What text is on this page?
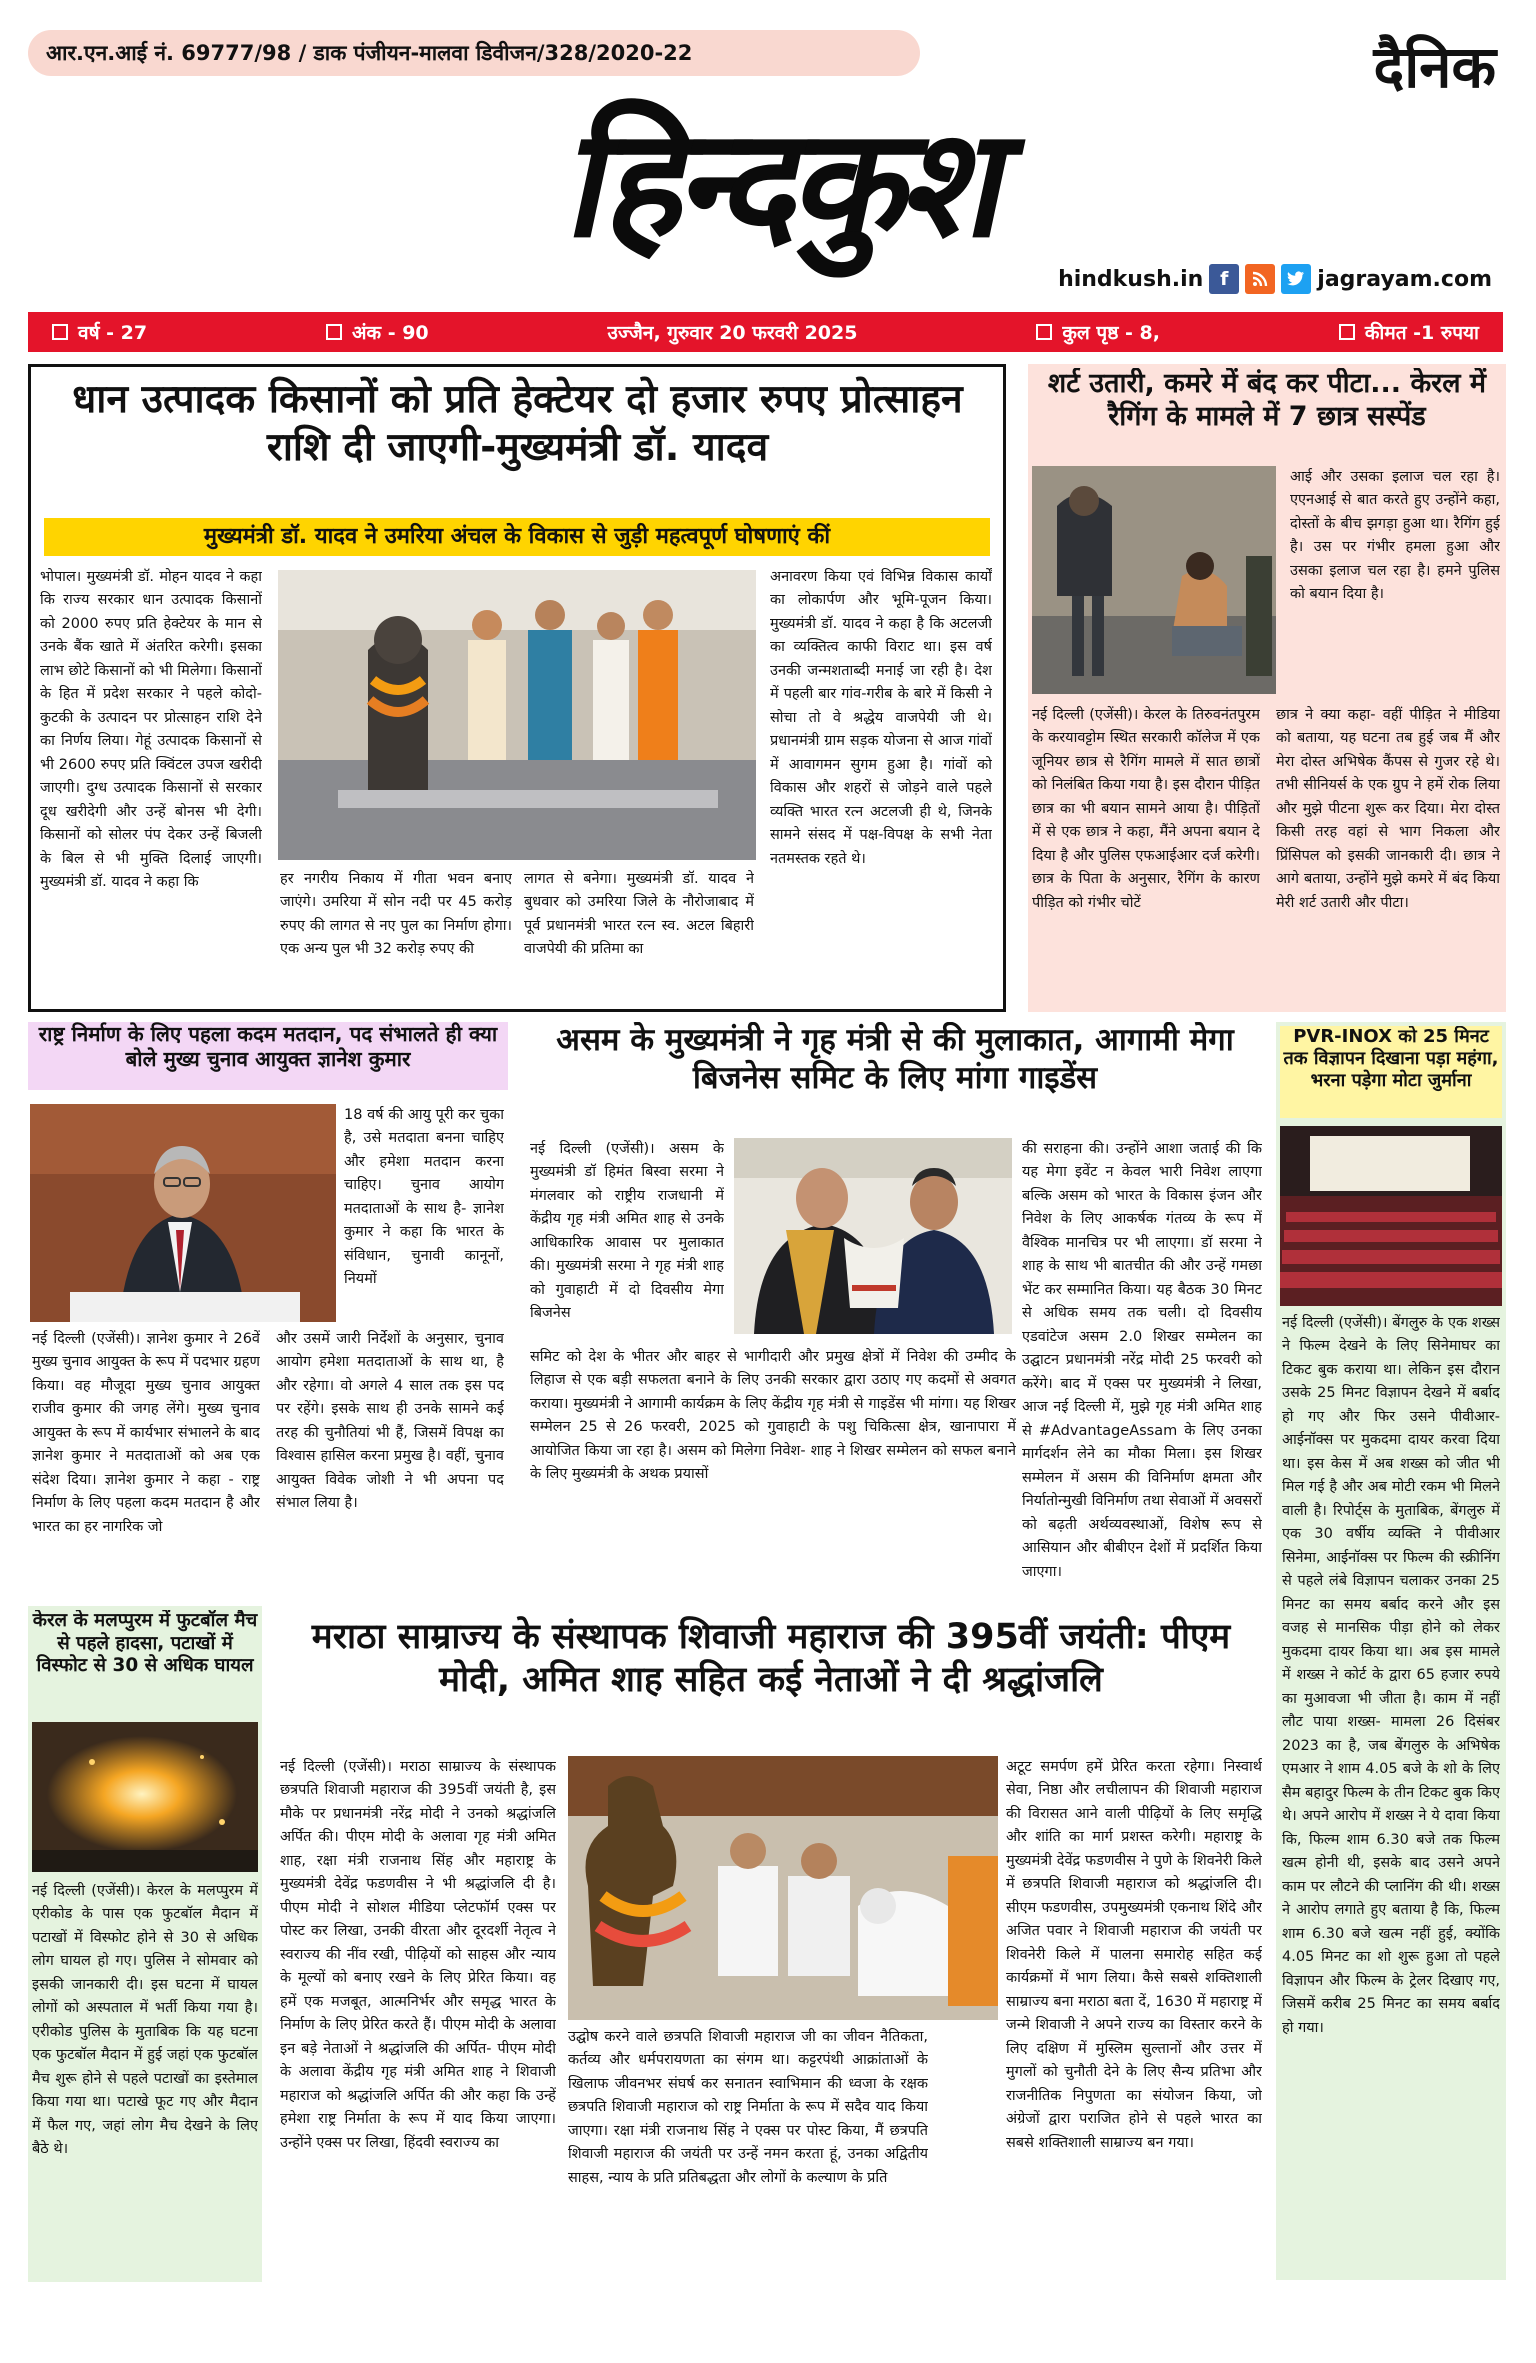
आर.एन.आई नं. 69777/98 / डाक पंजीयन-मालवा डिवीजन/328/2020-22	दैनिक
हिन्दकुश
hindkush.in f	jagrayam.com
वर्ष - 27	अंक - 90	उज्जैन, गुरुवार 20 फरवरी 2025	कुल पृष्ठ - 8,	कीमत -1 रुपया
धान उत्पादक किसानों को प्रति हेक्टेयर दो हजार रुपए प्रोत्साहन राशि दी जाएगी-मुख्यमंत्री डॉ. यादव
मुख्यमंत्री डॉ. यादव ने उमरिया अंचल के विकास से जुड़ी महत्वपूर्ण घोषणाएं कीं
भोपाल। मुख्यमंत्री डॉ. मोहन यादव ने कहा कि राज्य सरकार धान उत्पादक किसानों को 2000 रुपए प्रति हेक्टेयर के मान से उनके बैंक खाते में अंतरित करेगी। इसका लाभ छोटे किसानों को भी मिलेगा। किसानों के हित में प्रदेश सरकार ने पहले कोदो-कुटकी के उत्पादन पर प्रोत्साहन राशि देने का निर्णय लिया। गेहूं उत्पादक किसानों से भी 2600 रुपए प्रति क्विंटल उपज खरीदी जाएगी। दुग्ध उत्पादक किसानों से सरकार दूध खरीदेगी और उन्हें बोनस भी देगी। किसानों को सोलर पंप देकर उन्हें बिजली के बिल से भी मुक्ति दिलाई जाएगी। मुख्यमंत्री डॉ. यादव ने कहा कि	हर नगरीय निकाय में गीता भवन बनाए जाएंगे। उमरिया में सोन नदी पर 45 करोड़ रुपए की लागत से नए पुल का निर्माण होगा। एक अन्य पुल भी 32 करोड़ रुपए की
लागत से बनेगा। मुख्यमंत्री डॉ. यादव ने बुधवार को उमरिया जिले के नौरोजाबाद में पूर्व प्रधानमंत्री भारत रत्न स्व. अटल बिहारी वाजपेयी की प्रतिमा का
अनावरण किया एवं विभिन्न विकास कार्यों का लोकार्पण और भूमि-पूजन किया। मुख्यमंत्री डॉ. यादव ने कहा है कि अटलजी का व्यक्तित्व काफी विराट था। इस वर्ष उनकी जन्मशताब्दी मनाई जा रही है। देश में पहली बार गांव-गरीब के बारे में किसी ने सोचा तो वे श्रद्धेय वाजपेयी जी थे। प्रधानमंत्री ग्राम सड़क योजना से आज गांवों में आवागमन सुगम हुआ है। गांवों को विकास और शहरों से जोड़ने वाले पहले व्यक्ति भारत रत्न अटलजी ही थे, जिनके सामने संसद में पक्ष-विपक्ष के सभी नेता नतमस्तक रहते थे।
शर्ट उतारी, कमरे में बंद कर पीटा... केरल में रैगिंग के मामले में 7 छात्र सस्पेंड
आई और उसका इलाज चल रहा है। एएनआई से बात करते हुए उन्होंने कहा, दोस्तों के बीच झगड़ा हुआ था। रैगिंग हुई है। उस पर गंभीर हमला हुआ और उसका इलाज चल रहा है। हमने पुलिस को बयान दिया है।
नई दिल्ली (एजेंसी)। केरल के तिरुवनंतपुरम के करयावट्टोम स्थित सरकारी कॉलेज में एक जूनियर छात्र से रैगिंग मामले में सात छात्रों को निलंबित किया गया है। इस दौरान पीड़ित छात्र का भी बयान सामने आया है। पीड़ितों में से एक छात्र ने कहा, मैंने अपना बयान दे दिया है और पुलिस एफआईआर दर्ज करेगी। छात्र के पिता के अनुसार, रैगिंग के कारण पीड़ित को गंभीर चोटें
छात्र ने क्या कहा- वहीं पीड़ित ने मीडिया को बताया, यह घटना तब हुई जब मैं और मेरा दोस्त अभिषेक कैंपस से गुजर रहे थे। तभी सीनियर्स के एक ग्रुप ने हमें रोक लिया और मुझे पीटना शुरू कर दिया। मेरा दोस्त किसी तरह वहां से भाग निकला और प्रिंसिपल को इसकी जानकारी दी। छात्र ने आगे बताया, उन्होंने मुझे कमरे में बंद किया मेरी शर्ट उतारी और पीटा।
राष्ट्र निर्माण के लिए पहला कदम मतदान, पद संभालते ही क्या बोले मुख्य चुनाव आयुक्त ज्ञानेश कुमार
18 वर्ष की आयु पूरी कर चुका है, उसे मतदाता बनना चाहिए और हमेशा मतदान करना चाहिए। चुनाव आयोग मतदाताओं के साथ है- ज्ञानेश कुमार ने कहा कि भारत के संविधान, चुनावी कानूनों, नियमों
नई दिल्ली (एजेंसी)। ज्ञानेश कुमार ने 26वें मुख्य चुनाव आयुक्त के रूप में पदभार ग्रहण किया। वह मौजूदा मुख्य चुनाव आयुक्त राजीव कुमार की जगह लेंगे। मुख्य चुनाव आयुक्त के रूप में कार्यभार संभालने के बाद ज्ञानेश कुमार ने मतदाताओं को अब एक संदेश दिया। ज्ञानेश कुमार ने कहा - राष्ट्र निर्माण के लिए पहला कदम मतदान है और भारत का हर नागरिक जो
और उसमें जारी निर्देशों के अनुसार, चुनाव आयोग हमेशा मतदाताओं के साथ था, है और रहेगा। वो अगले 4 साल तक इस पद पर रहेंगे। इसके साथ ही उनके सामने कई तरह की चुनौतियां भी हैं, जिसमें विपक्ष का विश्वास हासिल करना प्रमुख है। वहीं, चुनाव आयुक्त विवेक जोशी ने भी अपना पद संभाल लिया है।
असम के मुख्यमंत्री ने गृह मंत्री से की मुलाकात, आगामी मेगा बिजनेस समिट के लिए मांगा गाइडेंस
नई दिल्ली (एजेंसी)। असम के मुख्यमंत्री डॉ हिमंत बिस्वा सरमा ने मंगलवार को राष्ट्रीय राजधानी में केंद्रीय गृह मंत्री अमित शाह से उनके आधिकारिक आवास पर मुलाकात की। मुख्यमंत्री सरमा ने गृह मंत्री शाह को गुवाहाटी में दो दिवसीय मेगा बिजनेस
की सराहना की। उन्होंने आशा जताई की कि यह मेगा इवेंट न केवल भारी निवेश लाएगा बल्कि असम को भारत के विकास इंजन और निवेश के लिए आकर्षक गंतव्य के रूप में वैश्विक मानचित्र पर भी लाएगा। डॉ सरमा ने शाह के साथ भी बातचीत की और उन्हें गमछा भेंट कर सम्मानित किया। यह बैठक 30 मिनट से अधिक समय तक चली। दो दिवसीय एडवांटेज असम 2.0 शिखर सम्मेलन का उद्घाटन प्रधानमंत्री नरेंद्र मोदी 25 फरवरी को करेंगे। बाद में एक्स पर मुख्यमंत्री ने लिखा, आज नई दिल्ली में, मुझे गृह मंत्री अमित शाह से #AdvantageAssam के लिए उनका मार्गदर्शन लेने का मौका मिला। इस शिखर सम्मेलन में असम की विनिर्माण क्षमता और निर्यातोन्मुखी विनिर्माण तथा सेवाओं में अवसरों को बढ़ती अर्थव्यवस्थाओं, विशेष रूप से आसियान और बीबीएन देशों में प्रदर्शित किया जाएगा।
समिट को देश के भीतर और बाहर से भागीदारी और प्रमुख क्षेत्रों में निवेश की उम्मीद के लिहाज से एक बड़ी सफलता बनाने के लिए उनकी सरकार द्वारा उठाए गए कदमों से अवगत कराया। मुख्यमंत्री ने आगामी कार्यक्रम के लिए केंद्रीय गृह मंत्री से गाइडेंस भी मांगा। यह शिखर सम्मेलन 25 से 26 फरवरी, 2025 को गुवाहाटी के पशु चिकित्सा क्षेत्र, खानापारा में आयोजित किया जा रहा है। असम को मिलेगा निवेश- शाह ने शिखर सम्मेलन को सफल बनाने के लिए मुख्यमंत्री के अथक प्रयासों
PVR-INOX को 25 मिनट तक विज्ञापन दिखाना पड़ा महंगा, भरना पड़ेगा मोटा जुर्माना
नई दिल्ली (एजेंसी)। बेंगलुरु के एक शख्स ने फिल्म देखने के लिए सिनेमाघर का टिकट बुक कराया था। लेकिन इस दौरान उसके 25 मिनट विज्ञापन देखने में बर्बाद हो गए और फिर उसने पीवीआर-आईनॉक्स पर मुकदमा दायर करवा दिया था। इस केस में अब शख्स को जीत भी मिल गई है और अब मोटी रकम भी मिलने वाली है। रिपोर्ट्स के मुताबिक, बेंगलुरु में एक 30 वर्षीय व्यक्ति ने पीवीआर सिनेमा, आईनॉक्स पर फिल्म की स्क्रीनिंग से पहले लंबे विज्ञापन चलाकर उनका 25 मिनट का समय बर्बाद करने और इस वजह से मानसिक पीड़ा होने को लेकर मुकदमा दायर किया था। अब इस मामले में शख्स ने कोर्ट के द्वारा 65 हजार रुपये का मुआवजा भी जीता है। काम में नहीं लौट पाया शख्स- मामला 26 दिसंबर 2023 का है, जब बेंगलुरु के अभिषेक एमआर ने शाम 4.05 बजे के शो के लिए सैम बहादुर फिल्म के तीन टिकट बुक किए थे। अपने आरोप में शख्स ने ये दावा किया कि, फिल्म शाम 6.30 बजे तक फिल्म खत्म होनी थी, इसके बाद उसने अपने काम पर लौटने की प्लानिंग की थी। शख्स ने आरोप लगाते हुए बताया है कि, फिल्म शाम 6.30 बजे खत्म नहीं हुई, क्योंकि 4.05 मिनट का शो शुरू हुआ तो पहले विज्ञापन और फिल्म के ट्रेलर दिखाए गए, जिसमें करीब 25 मिनट का समय बर्बाद हो गया।
केरल के मलप्पुरम में फुटबॉल मैच से पहले हादसा, पटाखों में विस्फोट से 30 से अधिक घायल
नई दिल्ली (एजेंसी)। केरल के मलप्पुरम में एरीकोड के पास एक फुटबॉल मैदान में पटाखों में विस्फोट होने से 30 से अधिक लोग घायल हो गए। पुलिस ने सोमवार को इसकी जानकारी दी। इस घटना में घायल लोगों को अस्पताल में भर्ती किया गया है। एरीकोड पुलिस के मुताबिक कि यह घटना एक फुटबॉल मैदान में हुई जहां एक फुटबॉल मैच शुरू होने से पहले पटाखों का इस्तेमाल किया गया था। पटाखे फूट गए और मैदान में फैल गए, जहां लोग मैच देखने के लिए बैठे थे।
मराठा साम्राज्य के संस्थापक शिवाजी महाराज की 395वीं जयंती: पीएम मोदी, अमित शाह सहित कई नेताओं ने दी श्रद्धांजलि
नई दिल्ली (एजेंसी)। मराठा साम्राज्य के संस्थापक छत्रपति शिवाजी महाराज की 395वीं जयंती है, इस मौके पर प्रधानमंत्री नरेंद्र मोदी ने उनको श्रद्धांजलि अर्पित की। पीएम मोदी के अलावा गृह मंत्री अमित शाह, रक्षा मंत्री राजनाथ सिंह और महाराष्ट्र के मुख्यमंत्री देवेंद्र फडणवीस ने भी श्रद्धांजलि दी है। पीएम मोदी ने सोशल मीडिया प्लेटफॉर्म एक्स पर पोस्ट कर लिखा, उनकी वीरता और दूरदर्शी नेतृत्व ने स्वराज्य की नींव रखी, पीढ़ियों को साहस और न्याय के मूल्यों को बनाए रखने के लिए प्रेरित किया। वह हमें एक मजबूत, आत्मनिर्भर और समृद्ध भारत के निर्माण के लिए प्रेरित करते हैं। पीएम मोदी के अलावा इन बड़े नेताओं ने श्रद्धांजलि की अर्पित- पीएम मोदी के अलावा केंद्रीय गृह मंत्री अमित शाह ने शिवाजी महाराज को श्रद्धांजलि अर्पित की और कहा कि उन्हें हमेशा राष्ट्र निर्माता के रूप में याद किया जाएगा। उन्होंने एक्स पर लिखा, हिंदवी स्वराज्य का
उद्घोष करने वाले छत्रपति शिवाजी महाराज जी का जीवन नैतिकता, कर्तव्य और धर्मपरायणता का संगम था। कट्टरपंथी आक्रांताओं के खिलाफ जीवनभर संघर्ष कर सनातन स्वाभिमान की ध्वजा के रक्षक छत्रपति शिवाजी महाराज को राष्ट्र निर्माता के रूप में सदैव याद किया जाएगा। रक्षा मंत्री राजनाथ सिंह ने एक्स पर पोस्ट किया, मैं छत्रपति शिवाजी महाराज की जयंती पर उन्हें नमन करता हूं, उनका अद्वितीय साहस, न्याय के प्रति प्रतिबद्धता और लोगों के कल्याण के प्रति
अटूट समर्पण हमें प्रेरित करता रहेगा। निस्वार्थ सेवा, निष्ठा और लचीलापन की शिवाजी महाराज की विरासत आने वाली पीढ़ियों के लिए समृद्धि और शांति का मार्ग प्रशस्त करेगी। महाराष्ट्र के मुख्यमंत्री देवेंद्र फडणवीस ने पुणे के शिवनेरी किले में छत्रपति शिवाजी महाराज को श्रद्धांजलि दी। सीएम फडणवीस, उपमुख्यमंत्री एकनाथ शिंदे और अजित पवार ने शिवाजी महाराज की जयंती पर शिवनेरी किले में पालना समारोह सहित कई कार्यक्रमों में भाग लिया। कैसे सबसे शक्तिशाली साम्राज्य बना मराठा बता दें, 1630 में महाराष्ट्र में जन्मे शिवाजी ने अपने राज्य का विस्तार करने के लिए दक्षिण में मुस्लिम सुल्तानों और उत्तर में मुगलों को चुनौती देने के लिए सैन्य प्रतिभा और राजनीतिक निपुणता का संयोजन किया, जो अंग्रेजों द्वारा पराजित होने से पहले भारत का सबसे शक्तिशाली साम्राज्य बन गया।
